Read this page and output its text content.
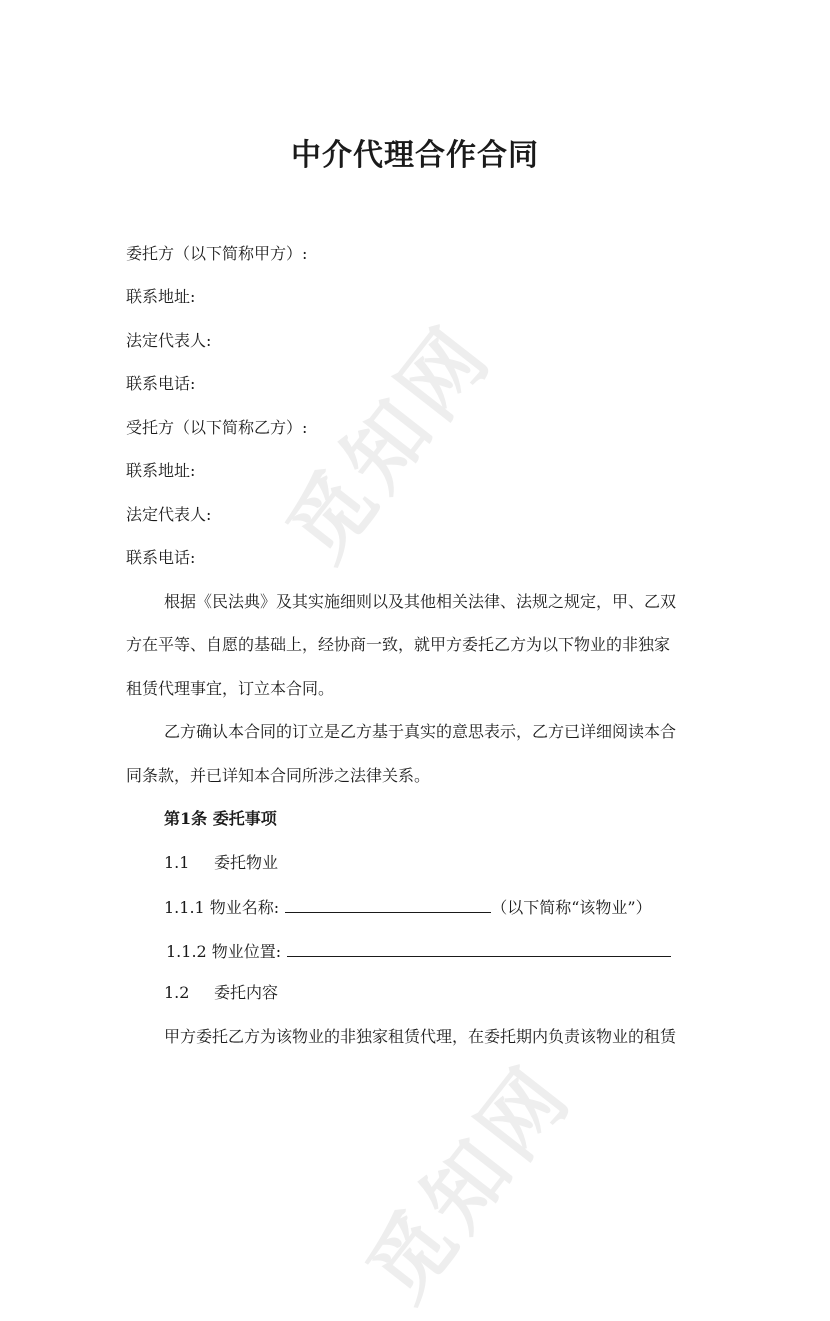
觅知网
觅知网
中介代理合作合同
委托方（以下简称甲方）:
联系地址:
法定代表人:
联系电话:
受托方（以下简称乙方）:
联系地址:
法定代表人:
联系电话:
根据《民法典》及其实施细则以及其他相关法律、法规之规定，甲、乙双
方在平等、自愿的基础上，经协商一致，就甲方委托乙方为以下物业的非独家
租赁代理事宜，订立本合同。
乙方确认本合同的订立是乙方基于真实的意思表示，乙方已详细阅读本合
同条款，并已详知本合同所涉之法律关系。
第1条 委托事项
1.1 委托物业
1.1.1 物业名称:	（以下简称“该物业”）
1.1.2 物业位置:
1.2 委托内容
甲方委托乙方为该物业的非独家租赁代理，在委托期内负责该物业的租赁
